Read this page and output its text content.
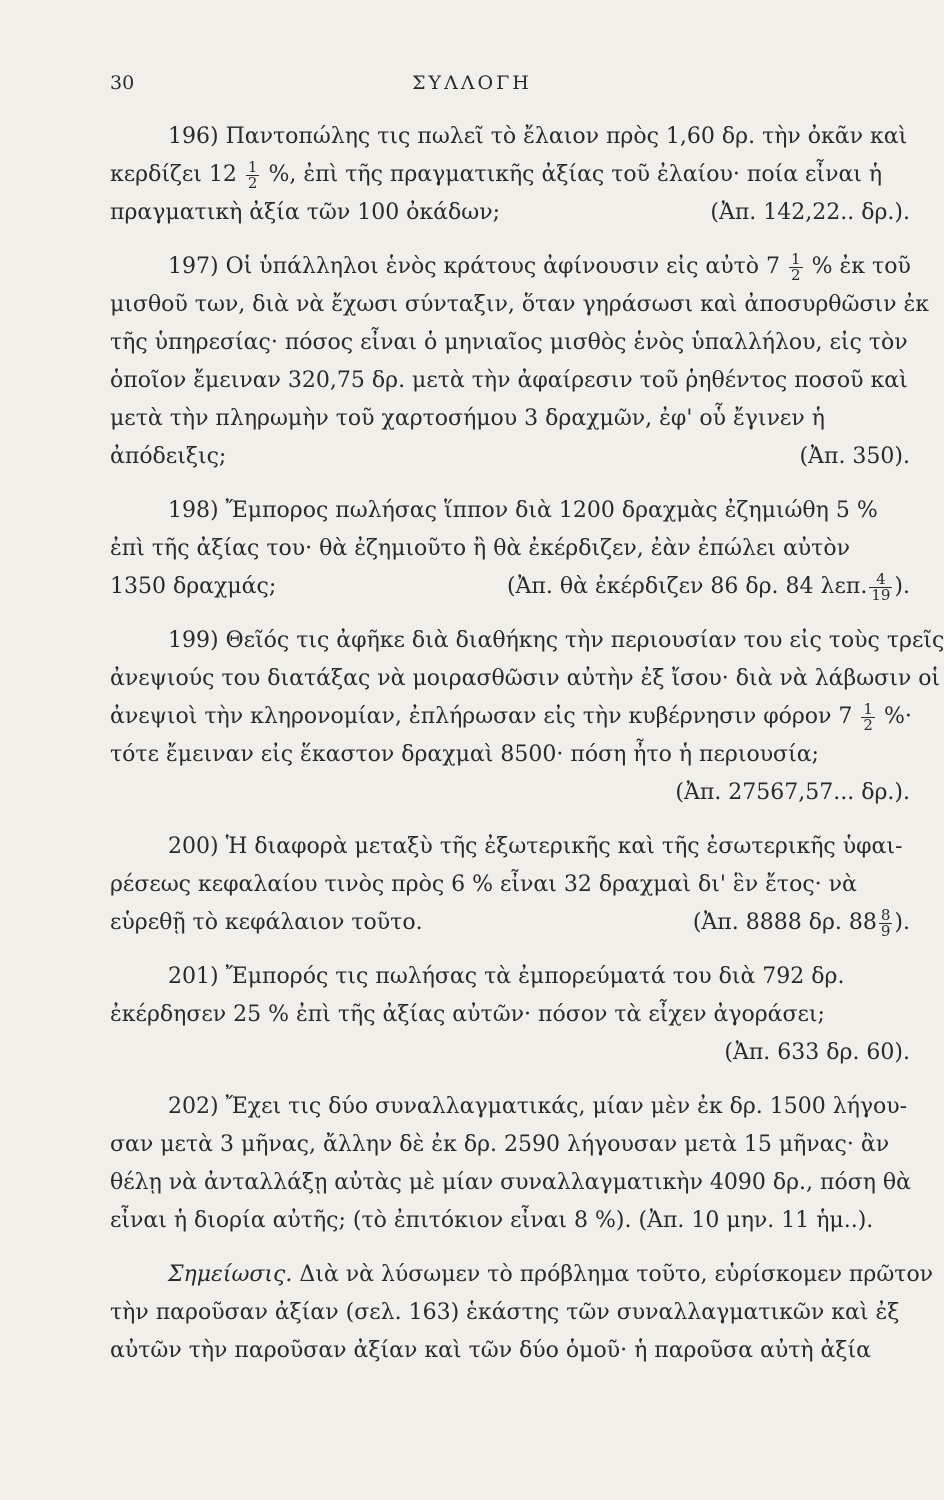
30	ΣΥΛΛΟΓΗ
196) Παντοπώλης τις πωλεῖ τὸ ἔλαιον πρὸς 1,60 δρ. τὴν ὀκᾶν καὶ
κερδίζει $12 \frac{1}{2}$ %, ἐπὶ τῆς πραγματικῆς ἀξίας τοῦ ἐλαίου· ποία εἶναι ἡ
πραγματικὴ ἀξία τῶν 100 ὀκάδων;	(Ἀπ. 142,22.. δρ.).
197) Οἱ ὑπάλληλοι ἑνὸς κράτους ἀφίνουσιν εἰς αὐτὸ $7 \frac{1}{2}$ % ἐκ τοῦ
μισθοῦ των, διὰ νὰ ἔχωσι σύνταξιν, ὅταν γηράσωσι καὶ ἀποσυρθῶσιν ἐκ
τῆς ὑπηρεσίας· πόσος εἶναι ὁ μηνιαῖος μισθὸς ἑνὸς ὑπαλλήλου, εἰς τὸν
ὁποῖον ἔμειναν 320,75 δρ. μετὰ τὴν ἀφαίρεσιν τοῦ ῥηθέντος ποσοῦ καὶ
μετὰ τὴν πληρωμὴν τοῦ χαρτοσήμου 3 δραχμῶν, ἐφ' οὗ ἔγινεν ἡ
ἀπόδειξις;	(Ἀπ. 350).
198) Ἔμπορος πωλήσας ἵππον διὰ 1200 δραχμὰς ἐζημιώθη 5 %
ἐπὶ τῆς ἀξίας του· θὰ ἐζημιοῦτο ἢ θὰ ἐκέρδιζεν, ἐὰν ἐπώλει αὐτὸν
1350 δραχμάς;	(Ἀπ. θὰ ἐκέρδιζεν 86 δρ. 84 λεπ. $\frac{4}{19}$ ).
199) Θεῖός τις ἀφῆκε διὰ διαθήκης τὴν περιουσίαν του εἰς τοὺς τρεῖς
ἀνεψιούς του διατάξας νὰ μοιρασθῶσιν αὐτὴν ἐξ ἴσου· διὰ νὰ λάβωσιν οἱ
ἀνεψιοὶ τὴν κληρονομίαν, ἐπλήρωσαν εἰς τὴν κυβέρνησιν φόρον $7 \frac{1}{2}$ %·
τότε ἔμειναν εἰς ἕκαστον δραχμαὶ 8500· πόση ἦτο ἡ περιουσία;
(Ἀπ. 27567,57... δρ.).
200) Ἡ διαφορὰ μεταξὺ τῆς ἐξωτερικῆς καὶ τῆς ἐσωτερικῆς ὑφαι-
ρέσεως κεφαλαίου τινὸς πρὸς 6 % εἶναι 32 δραχμαὶ δι' ἓν ἔτος· νὰ
εὑρεθῇ τὸ κεφάλαιον τοῦτο.	(Ἀπ. 8888 δρ. $88 \frac{8}{9}$ ).
201) Ἔμπορός τις πωλήσας τὰ ἐμπορεύματά του διὰ 792 δρ.
ἐκέρδησεν 25 % ἐπὶ τῆς ἀξίας αὐτῶν· πόσον τὰ εἶχεν ἀγοράσει;
(Ἀπ. 633 δρ. 60).
202) Ἔχει τις δύο συναλλαγματικάς, μίαν μὲν ἐκ δρ. 1500 λήγου-
σαν μετὰ 3 μῆνας, ἄλλην δὲ ἐκ δρ. 2590 λήγουσαν μετὰ 15 μῆνας· ἂν
θέλῃ νὰ ἀνταλλάξῃ αὐτὰς μὲ μίαν συναλλαγματικὴν 4090 δρ., πόση θὰ
εἶναι ἡ διορία αὐτῆς; (τὸ ἐπιτόκιον εἶναι 8 %). (Ἀπ. 10 μην. 11 ἡμ..).
Σημείωσις. Διὰ νὰ λύσωμεν τὸ πρόβλημα τοῦτο, εὑρίσκομεν πρῶτον
τὴν παροῦσαν ἀξίαν (σελ. 163) ἑκάστης τῶν συναλλαγματικῶν καὶ ἐξ
αὐτῶν τὴν παροῦσαν ἀξίαν καὶ τῶν δύο ὁμοῦ· ἡ παροῦσα αὐτὴ ἀξία
